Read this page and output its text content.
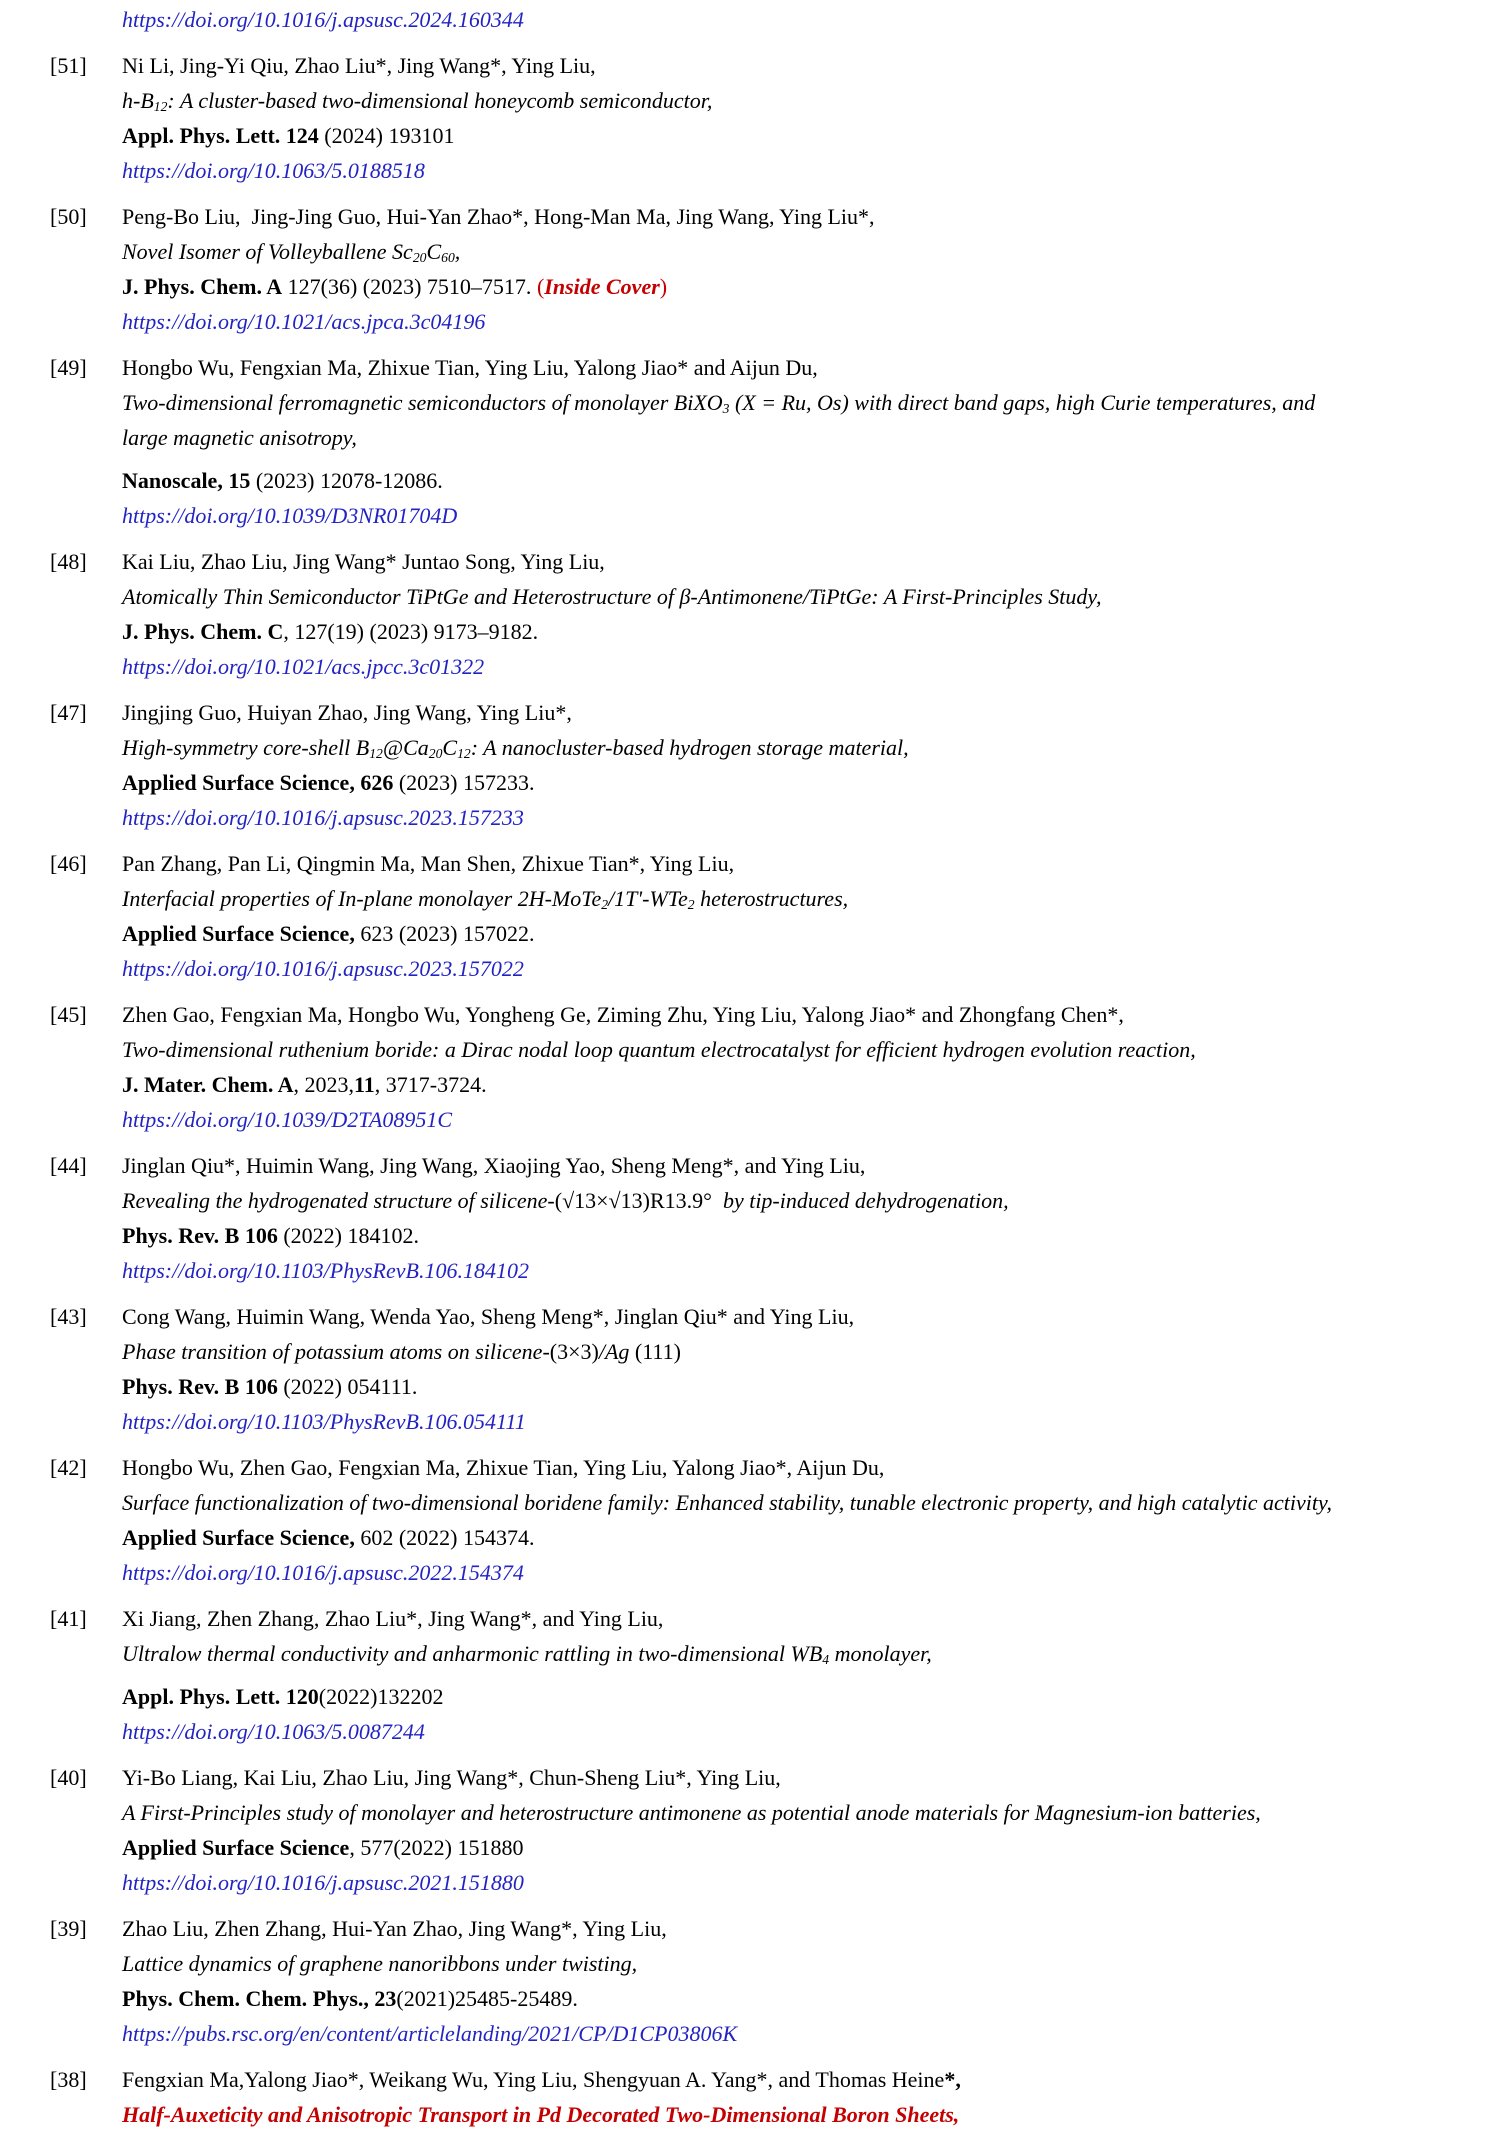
https://doi.org/10.1016/j.apsusc.2024.160344
[51]	Ni Li, Jing-Yi Qiu, Zhao Liu*, Jing Wang*, Ying Liu,
h-B12: A cluster-based two-dimensional honeycomb semiconductor,
Appl. Phys. Lett. 124 (2024) 193101
https://doi.org/10.1063/5.0188518
[50]	Peng-Bo Liu,  Jing-Jing Guo, Hui-Yan Zhao*, Hong-Man Ma, Jing Wang, Ying Liu*,
Novel Isomer of Volleyballene Sc20C60,
J. Phys. Chem. A 127(36) (2023) 7510–7517. (Inside Cover)
https://doi.org/10.1021/acs.jpca.3c04196
[49]	Hongbo Wu, Fengxian Ma, Zhixue Tian, Ying Liu, Yalong Jiao* and Aijun Du,
Two-dimensional ferromagnetic semiconductors of monolayer BiXO3 (X = Ru, Os) with direct band gaps, high Curie temperatures, and
large magnetic anisotropy,
Nanoscale, 15 (2023) 12078-12086.
https://doi.org/10.1039/D3NR01704D
[48]	Kai Liu, Zhao Liu, Jing Wang* Juntao Song, Ying Liu,
Atomically Thin Semiconductor TiPtGe and Heterostructure of β-Antimonene/TiPtGe: A First-Principles Study,
J. Phys. Chem. C, 127(19) (2023) 9173–9182.
https://doi.org/10.1021/acs.jpcc.3c01322
[47]	Jingjing Guo, Huiyan Zhao, Jing Wang, Ying Liu*,
High-symmetry core-shell B12@Ca20C12: A nanocluster-based hydrogen storage material,
Applied Surface Science, 626 (2023) 157233.
https://doi.org/10.1016/j.apsusc.2023.157233
[46]	Pan Zhang, Pan Li, Qingmin Ma, Man Shen, Zhixue Tian*, Ying Liu,
Interfacial properties of In-plane monolayer 2H-MoTe2/1T'-WTe2 heterostructures,
Applied Surface Science, 623 (2023) 157022.
https://doi.org/10.1016/j.apsusc.2023.157022
[45]	Zhen Gao, Fengxian Ma, Hongbo Wu, Yongheng Ge, Ziming Zhu, Ying Liu, Yalong Jiao* and Zhongfang Chen*,
Two-dimensional ruthenium boride: a Dirac nodal loop quantum electrocatalyst for efficient hydrogen evolution reaction,
J. Mater. Chem. A, 2023,11, 3717-3724.
https://doi.org/10.1039/D2TA08951C
[44]	Jinglan Qiu*, Huimin Wang, Jing Wang, Xiaojing Yao, Sheng Meng*, and Ying Liu,
Revealing the hydrogenated structure of silicene-(√13×√13)R13.9°  by tip-induced dehydrogenation,
Phys. Rev. B 106 (2022) 184102.
https://doi.org/10.1103/PhysRevB.106.184102
[43]	Cong Wang, Huimin Wang, Wenda Yao, Sheng Meng*, Jinglan Qiu* and Ying Liu,
Phase transition of potassium atoms on silicene-(3×3)/Ag (111)
Phys. Rev. B 106 (2022) 054111.
https://doi.org/10.1103/PhysRevB.106.054111
[42]	Hongbo Wu, Zhen Gao, Fengxian Ma, Zhixue Tian, Ying Liu, Yalong Jiao*, Aijun Du,
Surface functionalization of two-dimensional boridene family: Enhanced stability, tunable electronic property, and high catalytic activity,
Applied Surface Science, 602 (2022) 154374.
https://doi.org/10.1016/j.apsusc.2022.154374
[41]	Xi Jiang, Zhen Zhang, Zhao Liu*, Jing Wang*, and Ying Liu,
Ultralow thermal conductivity and anharmonic rattling in two-dimensional WB4 monolayer,
Appl. Phys. Lett. 120(2022)132202
https://doi.org/10.1063/5.0087244
[40]	Yi-Bo Liang, Kai Liu, Zhao Liu, Jing Wang*, Chun-Sheng Liu*, Ying Liu,
A First-Principles study of monolayer and heterostructure antimonene as potential anode materials for Magnesium-ion batteries,
Applied Surface Science, 577(2022) 151880
https://doi.org/10.1016/j.apsusc.2021.151880
[39]	Zhao Liu, Zhen Zhang, Hui-Yan Zhao, Jing Wang*, Ying Liu,
Lattice dynamics of graphene nanoribbons under twisting,
Phys. Chem. Chem. Phys., 23(2021)25485-25489.
https://pubs.rsc.org/en/content/articlelanding/2021/CP/D1CP03806K
[38]	Fengxian Ma,Yalong Jiao*, Weikang Wu, Ying Liu, Shengyuan A. Yang*, and Thomas Heine*,
Half-Auxeticity and Anisotropic Transport in Pd Decorated Two-Dimensional Boron Sheets,
